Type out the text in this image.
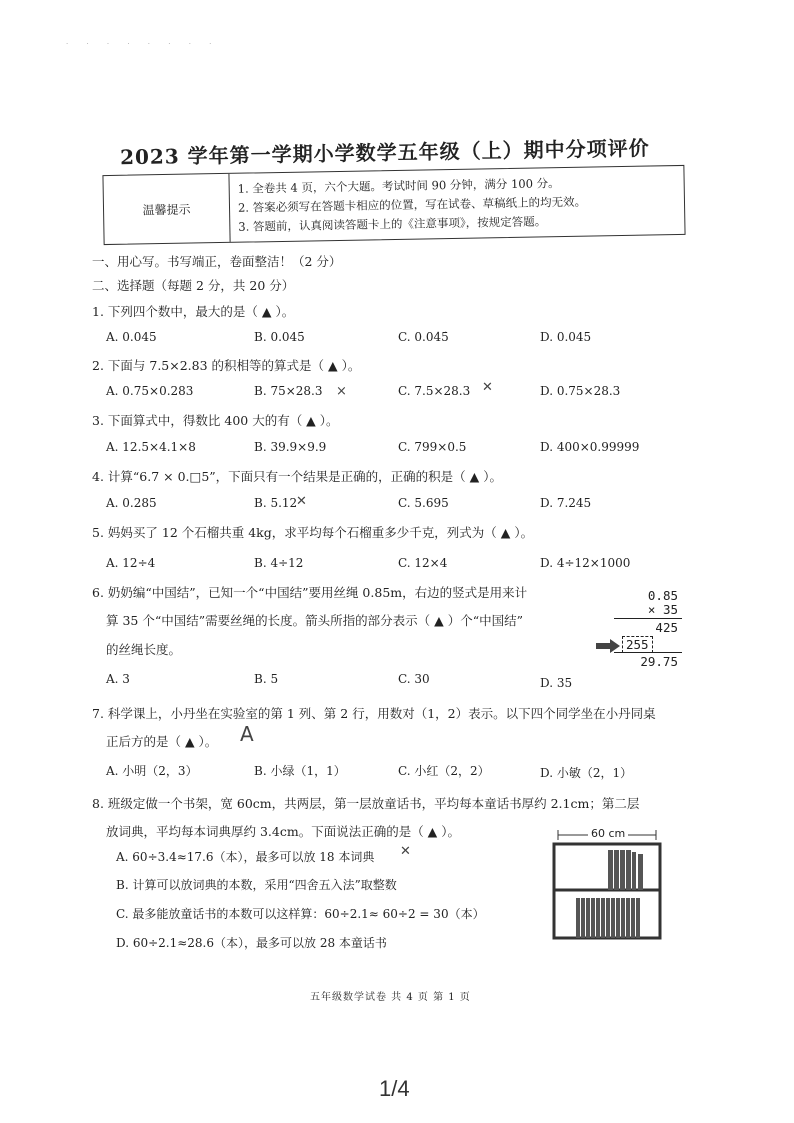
· · · · · · · ·
2023 学年第一学期小学数学五年级（上）期中分项评价
温馨提示
1. 全卷共 4 页，六个大题。考试时间 90 分钟，满分 100 分。
2. 答案必须写在答题卡相应的位置，写在试卷、草稿纸上的均无效。
3. 答题前，认真阅读答题卡上的《注意事项》，按规定答题。
一、用心写。书写端正，卷面整洁！（2 分）
二、选择题（每题 2 分，共 20 分）
1. 下列四个数中，最大的是（ ▲ ）。
A. 0.045	B. 0.045̇	C. 0.04̇5̇	D. 0.045
2. 下面与 7.5×2.83 的积相等的算式是（ ▲ ）。
A. 0.75×0.283	B. 75×28.3	C. 7.5×28.3	D. 0.75×28.3
×	✕
3. 下面算式中，得数比 400 大的有（ ▲ ）。
A. 12.5×4.1×8	B. 39.9×9.9	C. 799×0.5	D. 400×0.99999
4. 计算“6.7 × 0.□5”，下面只有一个结果是正确的，正确的积是（ ▲ ）。
A. 0.285	B. 5.12	C. 5.695	D. 7.245
✕
5. 妈妈买了 12 个石榴共重 4kg，求平均每个石榴重多少千克，列式为（ ▲ ）。
A. 12÷4	B. 4÷12	C. 12×4	D. 4÷12×1000
6. 奶奶编“中国结”，已知一个“中国结”要用丝绳 0.85m，右边的竖式是用来计
算 35 个“中国结”需要丝绳的长度。箭头所指的部分表示（ ▲ ）个“中国结”
的丝绳长度。
A. 3	B. 5	C. 30	D. 35
0.85
× 35
425
255
29.75
7. 科学课上，小丹坐在实验室的第 1 列、第 2 行，用数对（1，2）表示。以下四个同学坐在小丹同桌
正后方的是（ ▲ ）。 A
A. 小明（2，3）	B. 小绿（1，1）	C. 小红（2，2）	D. 小敏（2，1）
8. 班级定做一个书架，宽 60cm，共两层，第一层放童话书，平均每本童话书厚约 2.1cm；第二层
放词典，平均每本词典厚约 3.4cm。下面说法正确的是（ ▲ ）。
A. 60÷3.4≈17.6（本），最多可以放 18 本词典 ✕
B. 计算可以放词典的本数，采用“四舍五入法”取整数
C. 最多能放童话书的本数可以这样算：60÷2.1≈ 60÷2 = 30（本）
D. 60÷2.1≈28.6（本），最多可以放 28 本童话书
60 cm
五年级数学试卷 共 4 页 第 1 页
1/4
